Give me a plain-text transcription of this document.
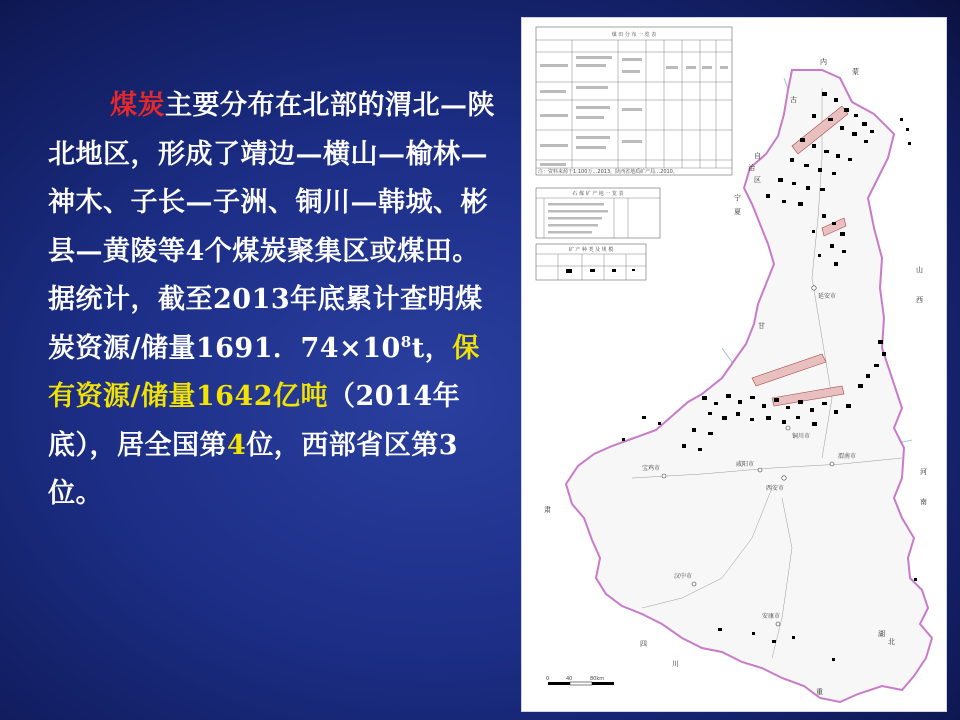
煤炭主要分布在北部的渭北—陕北地区，形成了靖边—横山—榆林—神木、子长—子洲、铜川—韩城、彬县—黄陵等4个煤炭聚集区或煤田。据统计，截至2013年底累计查明煤炭资源/储量1691．$74\times 10^8t$，保有资源/储量1642亿吨（2014年底），居全国第4位，西部省区第3位。
煤 田 分 布 一 览 表
注：资料来源于1:100万…2013，陕西省地质矿产局…2010。
石 煤 矿 产 地 一 览 表
矿 产 种 类 及 规 模
延安市
西安市
咸阳市
宝鸡市
渭南市
汉中市
安康市
铜川市
内
蒙
古
自
治
区
宁
夏
山
西
河
南
甘
肃
四
川
湖
北
重
0	40	80km
